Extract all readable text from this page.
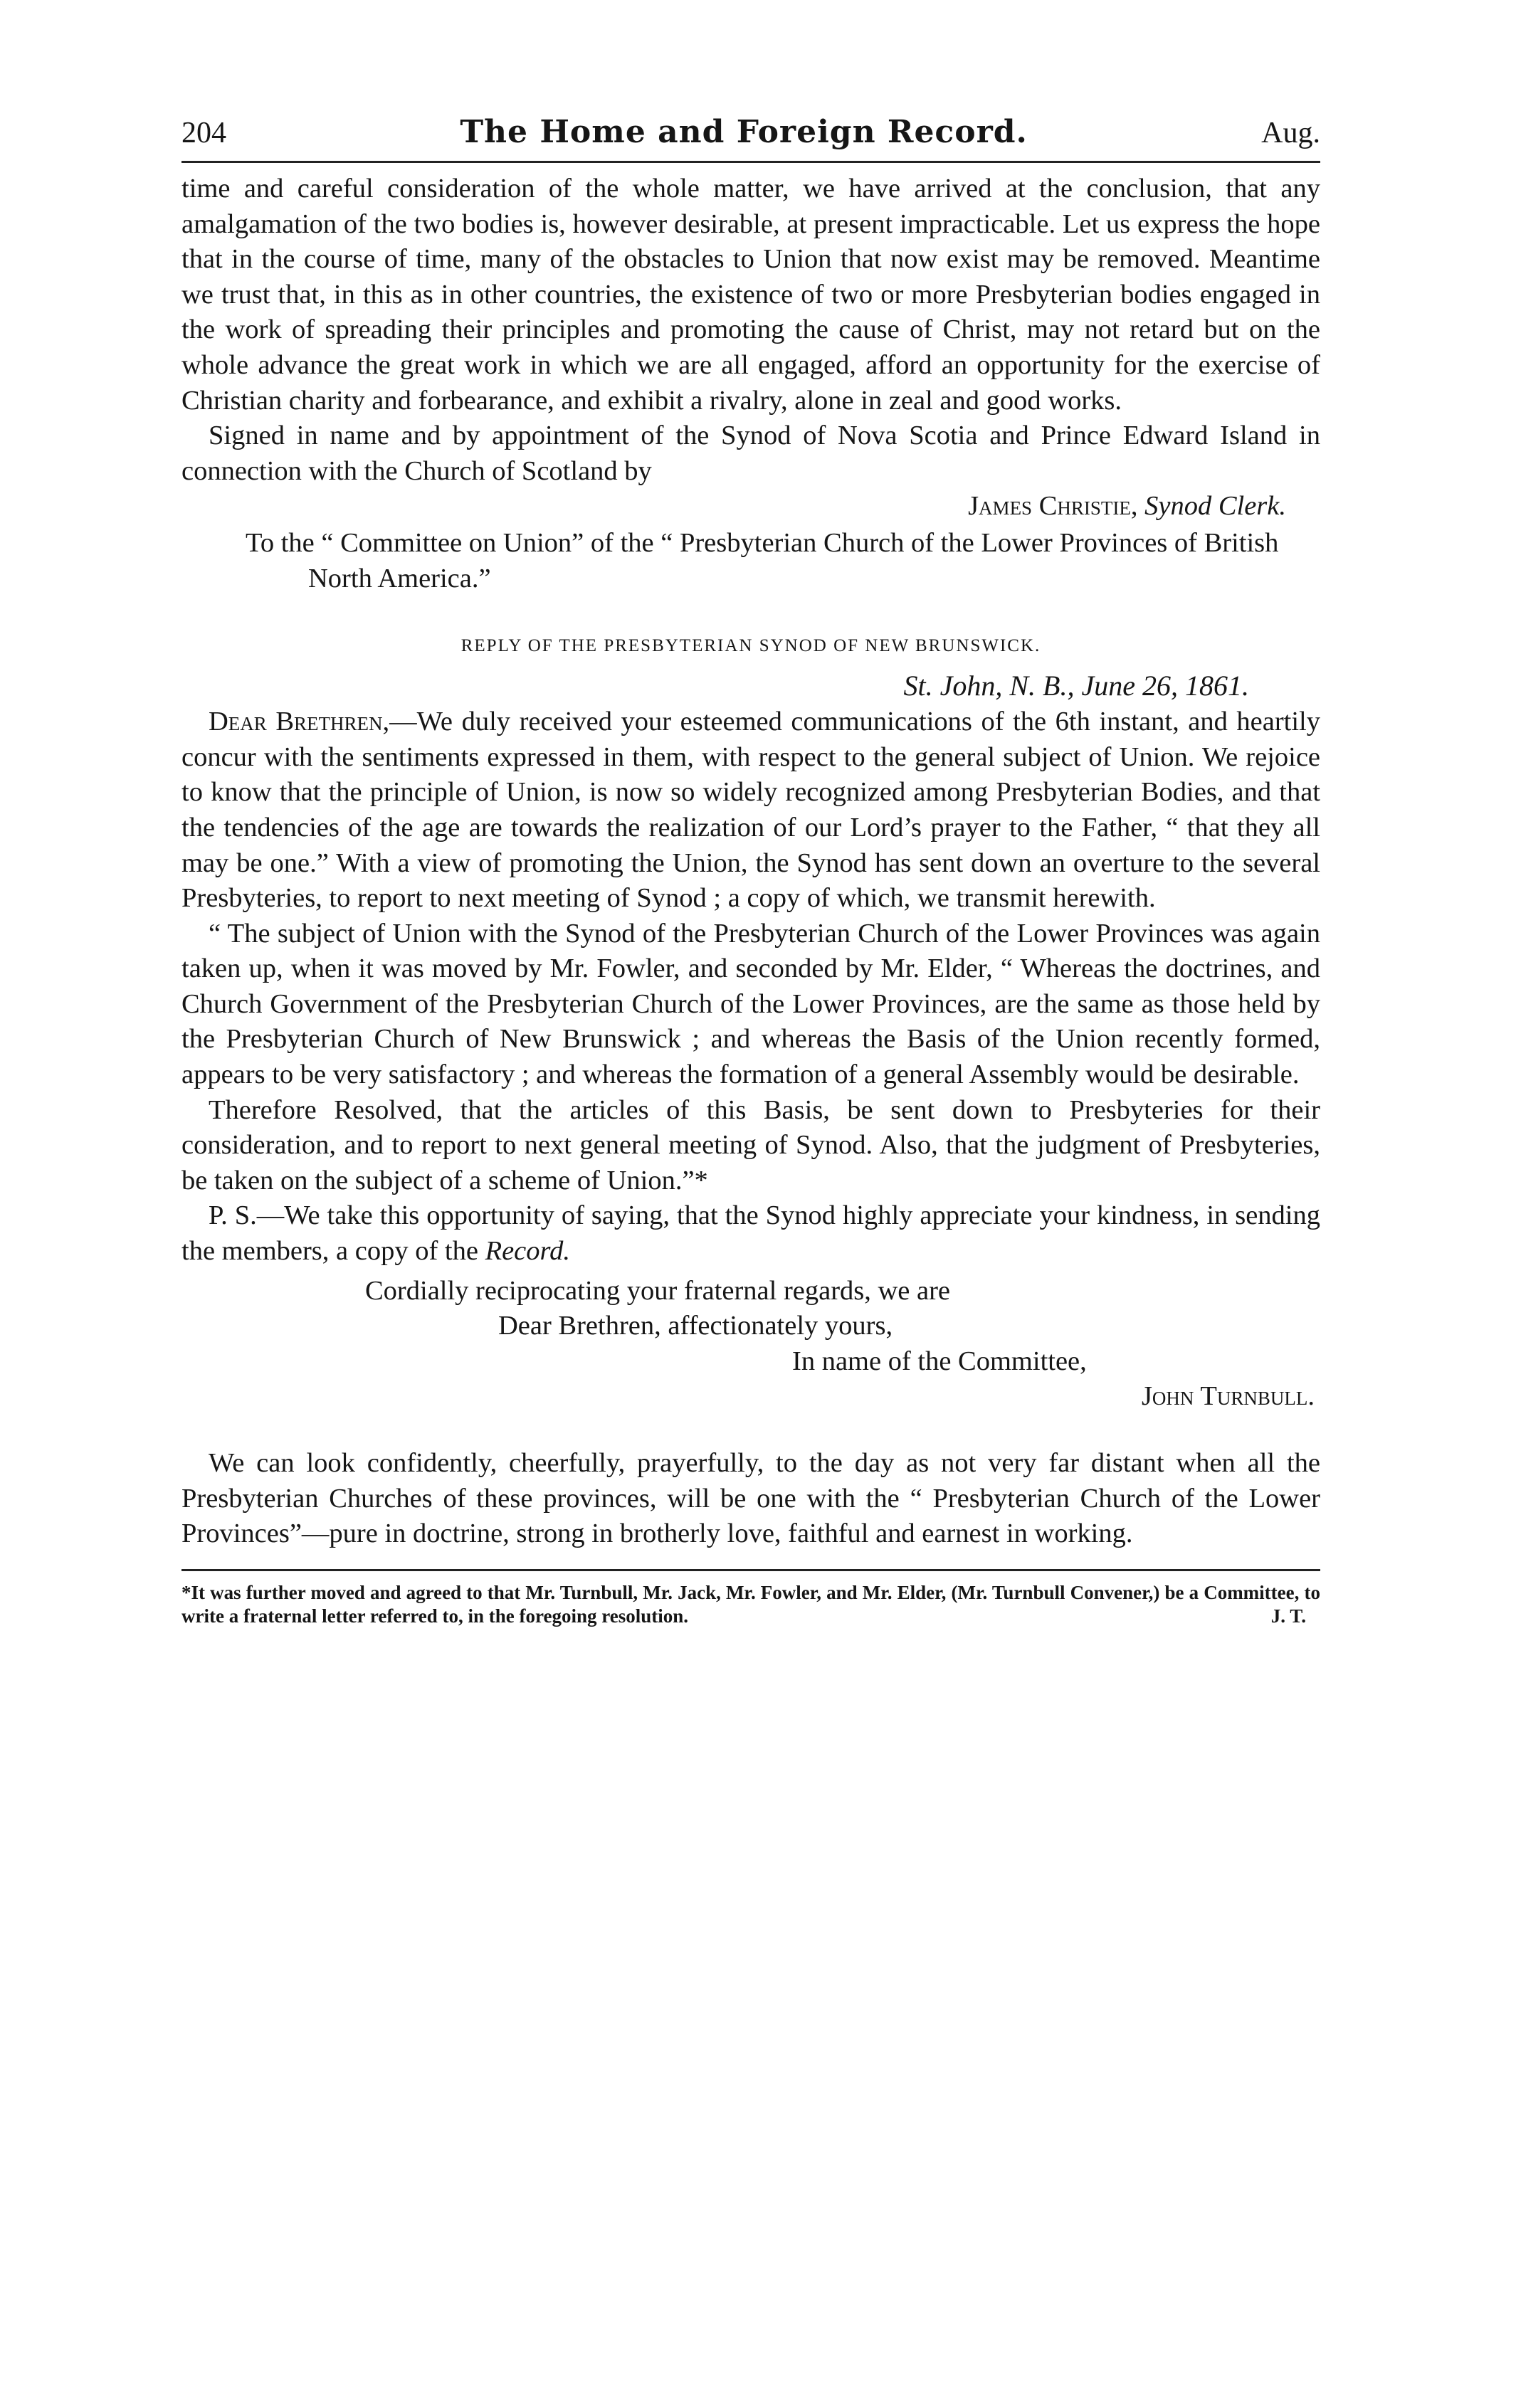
204	The Home and Foreign Record.	Aug.

time and careful consideration of the whole matter, we have arrived at the conclusion, that any amalgamation of the two bodies is, however desirable, at present impracticable. Let us express the hope that in the course of time, many of the obstacles to Union that now exist may be removed. Meantime we trust that, in this as in other countries, the existence of two or more Presbyterian bodies engaged in the work of spreading their principles and promoting the cause of Christ, may not retard but on the whole advance the great work in which we are all engaged, afford an opportunity for the exercise of Christian charity and forbearance, and exhibit a rivalry, alone in zeal and good works.

Signed in name and by appointment of the Synod of Nova Scotia and Prince Edward Island in connection with the Church of Scotland by

James Christie, Synod Clerk.
To the “ Committee on Union” of the “ Presbyterian Church of the Lower Provinces of British North America.”
REPLY OF THE PRESBYTERIAN SYNOD OF NEW BRUNSWICK.
St. John, N. B., June 26, 1861.

Dear Brethren,—We duly received your esteemed communications of the 6th instant, and heartily concur with the sentiments expressed in them, with respect to the general subject of Union. We rejoice to know that the principle of Union, is now so widely recognized among Presbyterian Bodies, and that the tendencies of the age are towards the realization of our Lord’s prayer to the Father, “ that they all may be one.” With a view of promoting the Union, the Synod has sent down an overture to the several Presbyteries, to report to next meeting of Synod ; a copy of which, we transmit herewith.

“ The subject of Union with the Synod of the Presbyterian Church of the Lower Provinces was again taken up, when it was moved by Mr. Fowler, and seconded by Mr. Elder, “ Whereas the doctrines, and Church Government of the Presbyterian Church of the Lower Provinces, are the same as those held by the Presbyterian Church of New Brunswick ; and whereas the Basis of the Union recently formed, appears to be very satisfactory ; and whereas the formation of a general Assembly would be desirable.

Therefore Resolved, that the articles of this Basis, be sent down to Presbyteries for their consideration, and to report to next general meeting of Synod. Also, that the judgment of Presbyteries, be taken on the subject of a scheme of Union.”*

P. S.—We take this opportunity of saying, that the Synod highly appreciate your kindness, in sending the members, a copy of the Record.

Cordially reciprocating your fraternal regards, we are
Dear Brethren, affectionately yours,
In name of the Committee,
John Turnbull.

We can look confidently, cheerfully, prayerfully, to the day as not very far distant when all the Presbyterian Churches of these provinces, will be one with the “ Presbyterian Church of the Lower Provinces”—pure in doctrine, strong in brotherly love, faithful and earnest in working.

*It was further moved and agreed to that Mr. Turnbull, Mr. Jack, Mr. Fowler, and Mr. Elder, (Mr. Turnbull Convener,) be a Committee, to write a fraternal letter referred to, in the foregoing resolution.	J. T.
